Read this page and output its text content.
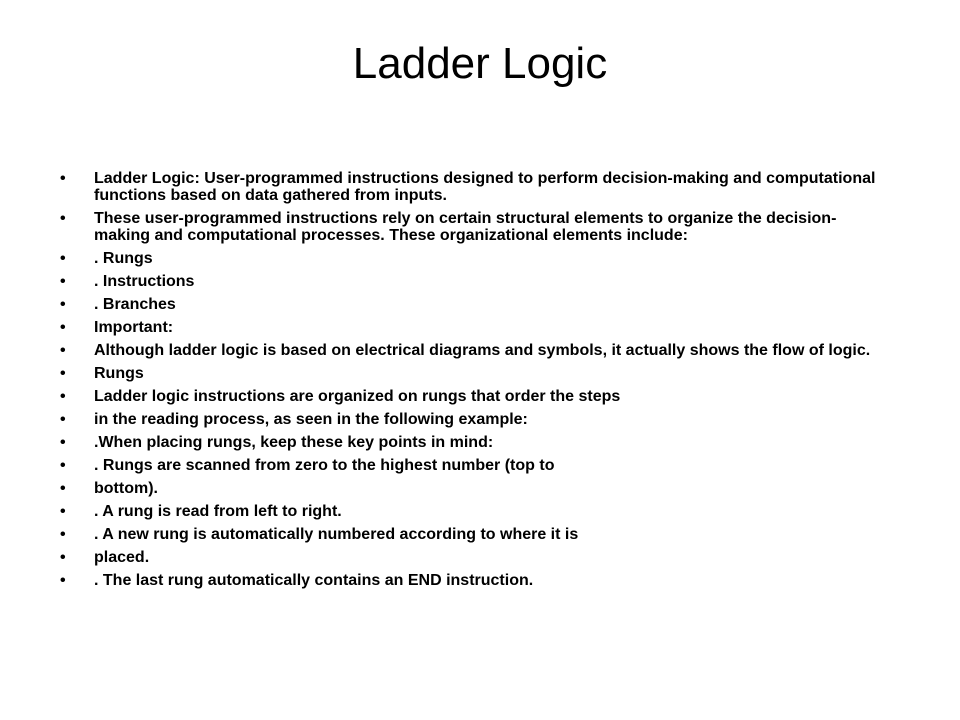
Ladder Logic
• Ladder Logic: User-programmed instructions designed to perform decision-making and computational functions based on data gathered from inputs.
• These user-programmed instructions rely on certain structural elements to organize the decision-making and computational processes. These organizational elements include:
• . Rungs
• . Instructions
• . Branches
• Important:
• Although ladder logic is based on electrical diagrams and symbols, it actually shows the flow of logic.
• Rungs
• Ladder logic instructions are organized on rungs that order the steps
• in the reading process, as seen in the following example:
• .When placing rungs, keep these key points in mind:
• . Rungs are scanned from zero to the highest number (top to
• bottom).
• . A rung is read from left to right.
• . A new rung is automatically numbered according to where it is
• placed.
• . The last rung automatically contains an END instruction.
